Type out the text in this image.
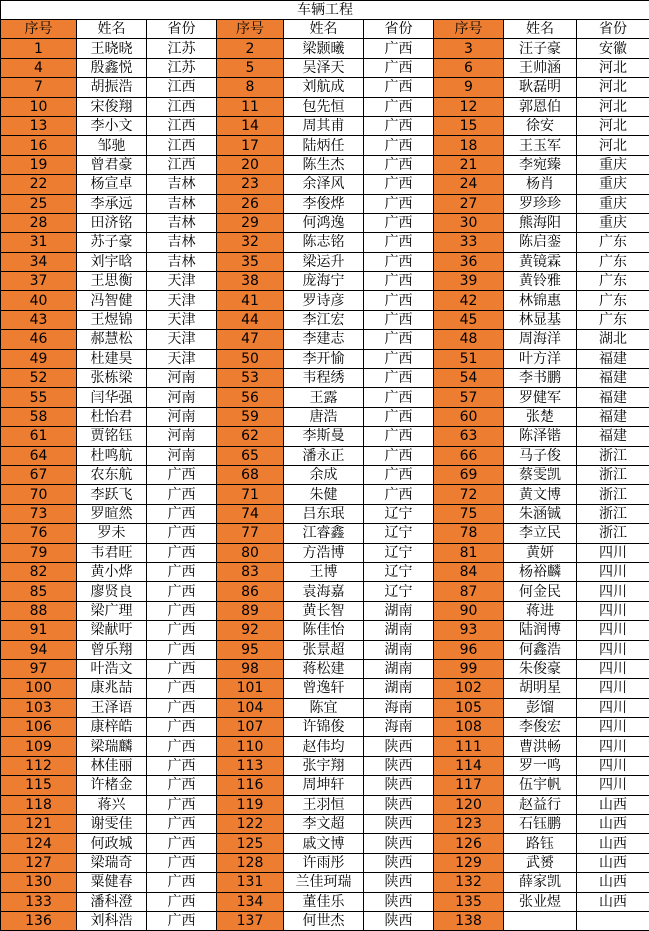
车辆工程								
序号	姓名	省份	序号	姓名	省份	序号	姓名	省份
1	王晓晓	江苏	2	梁颢曦	广西	3	汪子豪	安徽
4	殷鑫悦	江苏	5	吴泽天	广西	6	王帅涵	河北
7	胡振浩	江西	8	刘航成	广西	9	耿磊明	河北
10	宋俊翔	江西	11	包先恒	广西	12	郭恩伯	河北
13	李小文	江西	14	周其甫	广西	15	徐安	河北
16	邹驰	江西	17	陆炳任	广西	18	王玉军	河北
19	曾君豪	江西	20	陈生杰	广西	21	李宛臻	重庆
22	杨宣卓	吉林	23	余泽风	广西	24	杨肖	重庆
25	李承远	吉林	26	李俊烨	广西	27	罗珍珍	重庆
28	田济铭	吉林	29	何鸿逸	广西	30	熊海阳	重庆
31	苏子豪	吉林	32	陈志铭	广西	33	陈启銮	广东
34	刘宇晗	吉林	35	梁运升	广西	36	黄镜霖	广东
37	王思衡	天津	38	庞海宁	广西	39	黄铃雅	广东
40	冯智健	天津	41	罗诗彦	广西	42	林锦惠	广东
43	王煜锦	天津	44	李江宏	广西	45	林显基	广东
46	郝慧松	天津	47	李建志	广西	48	周海洋	湖北
49	杜建昊	天津	50	李开愉	广西	51	叶方洋	福建
52	张栋梁	河南	53	韦程绣	广西	54	李书鹏	福建
55	闫华强	河南	56	王露	广西	57	罗健军	福建
58	杜怡君	河南	59	唐浩	广西	60	张楚	福建
61	贾铭钰	河南	62	李斯曼	广西	63	陈泽锴	福建
64	杜鸣航	河南	65	潘永正	广西	66	马子俊	浙江
67	农东航	广西	68	余成	广西	69	蔡雯凯	浙江
70	李跃飞	广西	71	朱健	广西	72	黄文博	浙江
73	罗暄然	广西	74	吕东珉	辽宁	75	朱涵铖	浙江
76	罗未	广西	77	江睿鑫	辽宁	78	李立民	浙江
79	韦君旺	广西	80	方浩博	辽宁	81	黄妍	四川
82	黄小烨	广西	83	王博	辽宁	84	杨裕麟	四川
85	廖贤良	广西	86	袁海嘉	辽宁	87	何金民	四川
88	梁广理	广西	89	黄长智	湖南	90	蒋进	四川
91	梁献吁	广西	92	陈佳怡	湖南	93	陆润博	四川
94	曾乐翔	广西	95	张景超	湖南	96	何鑫浩	四川
97	叶浩文	广西	98	蒋松建	湖南	99	朱俊豪	四川
100	康兆喆	广西	101	曾逸轩	湖南	102	胡明星	四川
103	王泽语	广西	104	陈宜	海南	105	彭馏	四川
106	康梓皓	广西	107	许锦俊	海南	108	李俊宏	四川
109	梁瑞麟	广西	110	赵伟均	陕西	111	曹洪畅	四川
112	林佳丽	广西	113	张宇翔	陕西	114	罗一鸣	四川
115	许楮金	广西	116	周坤轩	陕西	117	伍宇帆	四川
118	蒋兴	广西	119	王羽恒	陕西	120	赵益行	山西
121	谢雯佳	广西	122	李文超	陕西	123	石钰鹏	山西
124	何政城	广西	125	戚文博	陕西	126	路钰	山西
127	梁瑞奇	广西	128	许雨彤	陕西	129	武赟	山西
130	粟健春	广西	131	兰佳珂瑞	陕西	132	薛家凯	山西
133	潘科澄	广西	134	董佳乐	陕西	135	张业煜	山西
136	刘科浩	广西	137	何世杰	陕西	138		
